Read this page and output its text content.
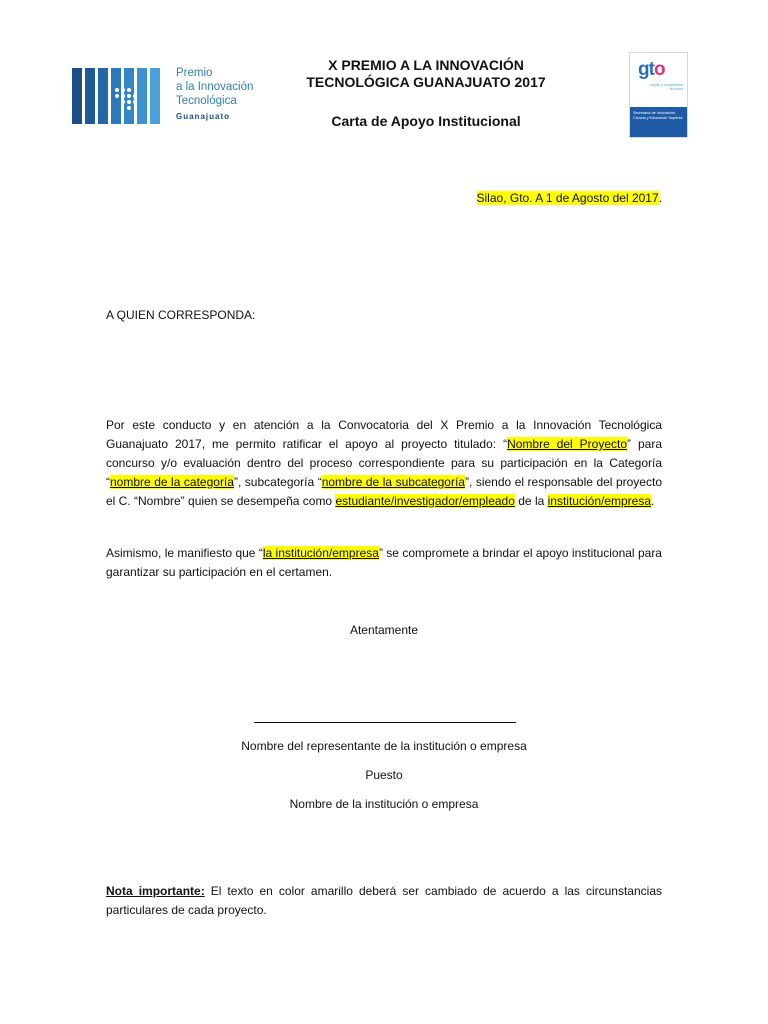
Premio
a la Innovación
Tecnológica
Guanajuato
X PREMIO A LA INNOVACIÓN
TECNOLÓGICA GUANAJUATO 2017
Carta de Apoyo Institucional
gto
orgullo y compromiso de todos
Secretaría de Innovación, Ciencia y Educación Superior
Silao, Gto. A 1 de Agosto del 2017.
A QUIEN CORRESPONDA:
Por este conducto y en atención a la Convocatoria del X Premio a la Innovación Tecnológica Guanajuato 2017, me permito ratificar el apoyo al proyecto titulado: “Nombre del Proyecto” para concurso y/o evaluación dentro del proceso correspondiente para su participación en la Categoría “nombre de la categoría”, subcategoría “nombre de la subcategoría”, siendo el responsable del proyecto el C. “Nombre” quien se desempeña como estudiante/investigador/empleado de la institución/empresa.
Asimismo, le manifiesto que “la institución/empresa” se compromete a brindar el apoyo institucional para garantizar su participación en el certamen.
Atentamente
Nombre del representante de la institución o empresa
Puesto
Nombre de la institución o empresa
Nota importante: El texto en color amarillo deberá ser cambiado de acuerdo a las circunstancias particulares de cada proyecto.
